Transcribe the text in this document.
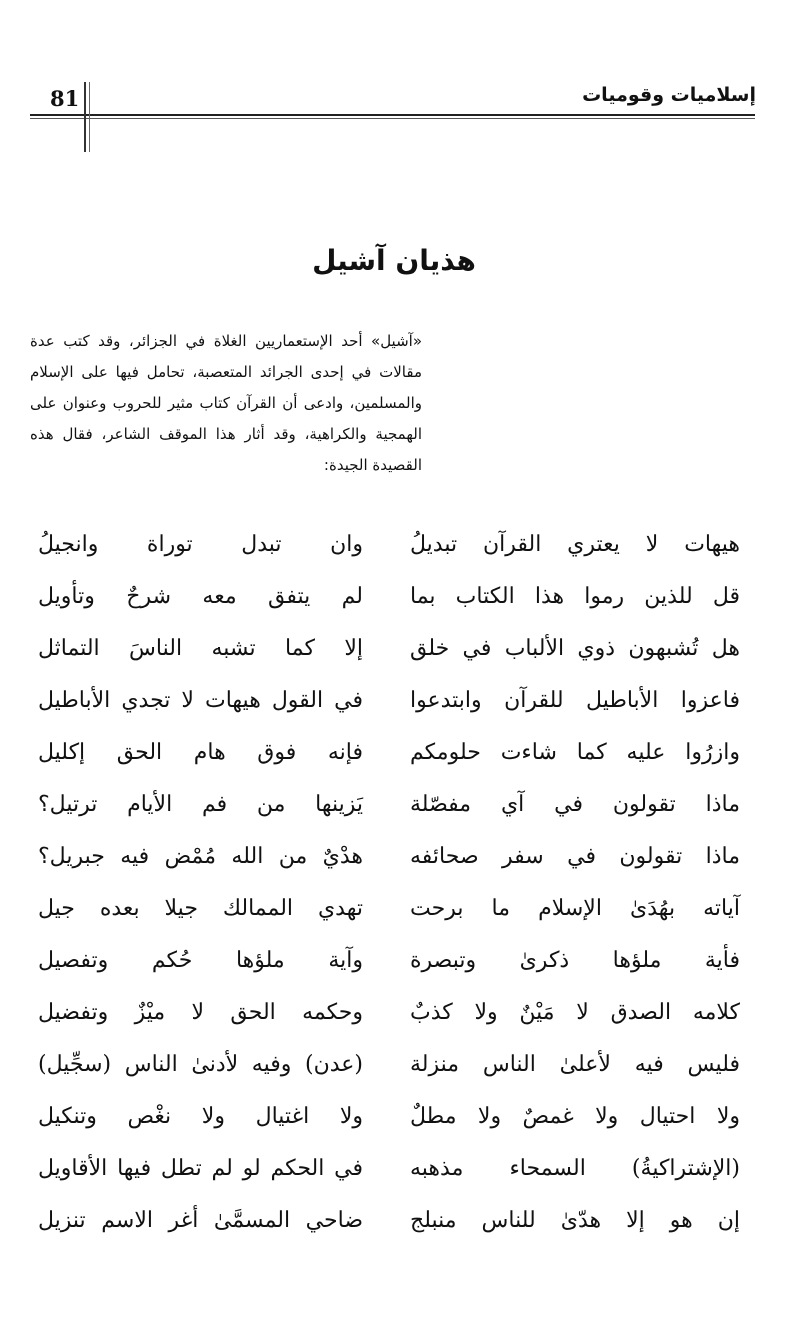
81	إسلاميات وقوميات
هذيان آشيل
«آشيل» أحد الإستعماريين الغلاة في الجزائر، وقد كتب عدة مقالات في إحدى الجرائد المتعصبة، تحامل فيها على الإسلام والمسلمين، وادعى أن القرآن كتاب مثير للحروب وعنوان على الهمجية والكراهية، وقد أثار هذا الموقف الشاعر، فقال هذه القصيدة الجيدة:
هيهات لا يعتري القرآن تبديلُ
وان تبدل توراة وانجيلُ
قل للذين رموا هذا الكتاب بما
لم يتفق معه شرحٌ وتأويل
هل تُشبهون ذوي الألباب في خلق
إلا كما تشبه الناسَ التماثل
فاعزوا الأباطيل للقرآن وابتدعوا
في القول هيهات لا تجدي الأباطيل
وازرُوا عليه كما شاءت حلومكم
فإنه فوق هام الحق إكليل
ماذا تقولون في آي مفصّلة
يَزينها من فم الأيام ترتيل؟
ماذا تقولون في سفر صحائفه
هدْيٌ من الله مُمْض فيه جبريل؟
آياته بهُدَىٰ الإسلام ما برحت
تهدي الممالك جيلا بعده جيل
فأية ملؤها ذكرىٰ وتبصرة
وآية ملؤها حُكم وتفصيل
كلامه الصدق لا مَيْنٌ ولا كذبٌ
وحكمه الحق لا ميْزٌ وتفضيل
فليس فيه لأعلىٰ الناس منزلة
(عدن) وفيه لأدنىٰ الناس (سجِّيل)
ولا احتيال ولا غمصٌ ولا مطلٌ
ولا اغتيال ولا نغْص وتنكيل
(الإشتراكيةُ) السمحاء مذهبه
في الحكم لو لم تطل فيها الأقاويل
إن هو إلا هدّىٰ للناس منبلج
ضاحي المسمَّىٰ أغر الاسم تنزيل
